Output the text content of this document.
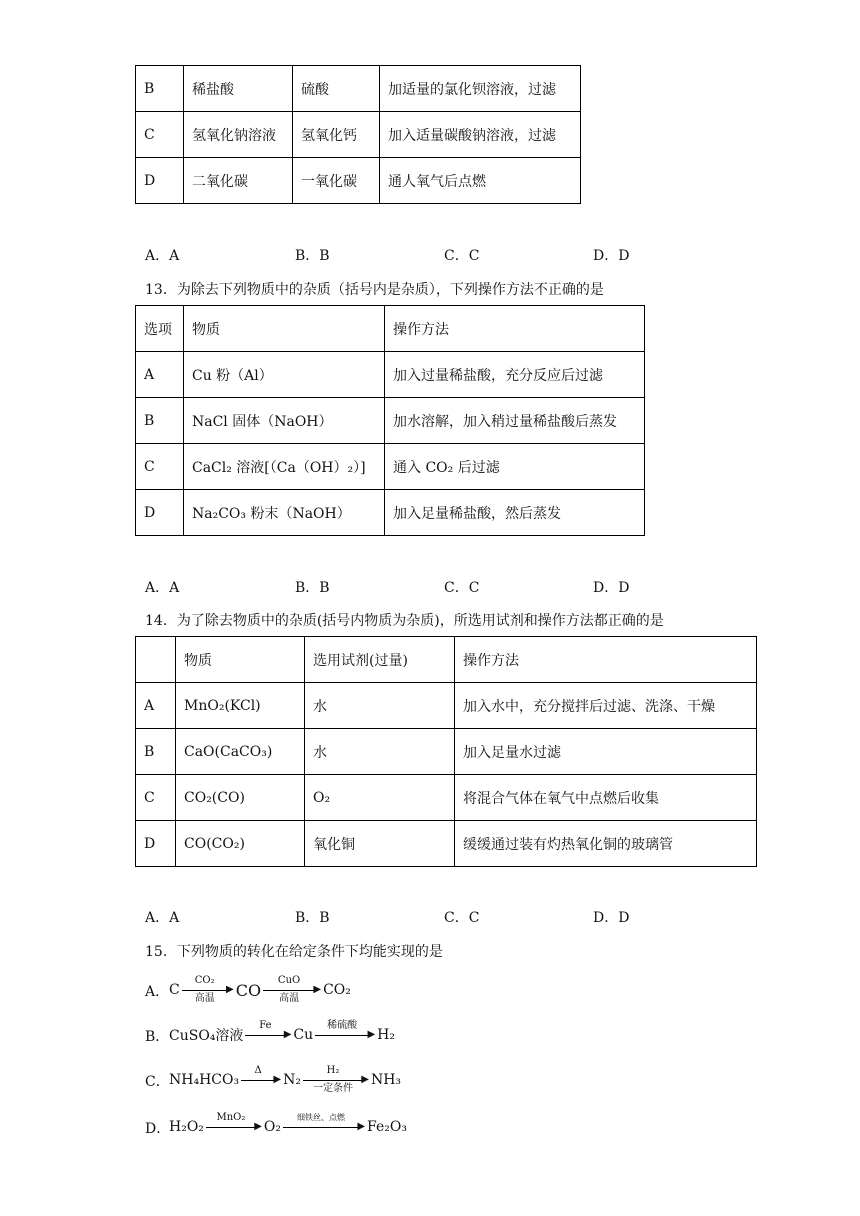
B	稀盐酸	硫酸	加适量的氯化钡溶液，过滤
C	氢氧化钠溶液	氢氧化钙	加入适量碳酸钠溶液，过滤
D	二氧化碳	一氧化碳	通人氧气后点燃
A．A	B．B	C．C	D．D
13．为除去下列物质中的杂质（括号内是杂质），下列操作方法不正确的是
选项	物质	操作方法
A	Cu 粉（Al）	加入过量稀盐酸，充分反应后过滤
B	NaCl 固体（NaOH）	加水溶解，加入稍过量稀盐酸后蒸发
C	CaCl₂ 溶液[（Ca（OH）₂）]	通入 CO₂ 后过滤
D	Na₂CO₃ 粉末（NaOH）	加入足量稀盐酸，然后蒸发
A．A	B．B	C．C	D．D
14．为了除去物质中的杂质(括号内物质为杂质)，所选用试剂和操作方法都正确的是
	物质	选用试剂(过量)	操作方法
A	MnO₂(KCl)	水	加入水中，充分搅拌后过滤、洗涤、干燥
B	CaO(CaCO₃)	水	加入足量水过滤
C	CO₂(CO)	O₂	将混合气体在氧气中点燃后收集
D	CO(CO₂)	氧化铜	缓缓通过装有灼热氧化铜的玻璃管
A．A	B．B	C．C	D．D
15．下列物质的转化在给定条件下均能实现的是
A． C
CO₂
▶
高温	CO	CuO
▶
高温
CO₂
B． CuSO₄溶液
Fe
▶ Cu
稀硫酸
▶ H₂
C． NH₄HCO₃
Δ
▶ N₂
H₂
▶
一定条件
NH₃
D．
H₂O₂
MnO₂
▶ O₂
细铁丝、点燃
▶ Fe₂O₃
